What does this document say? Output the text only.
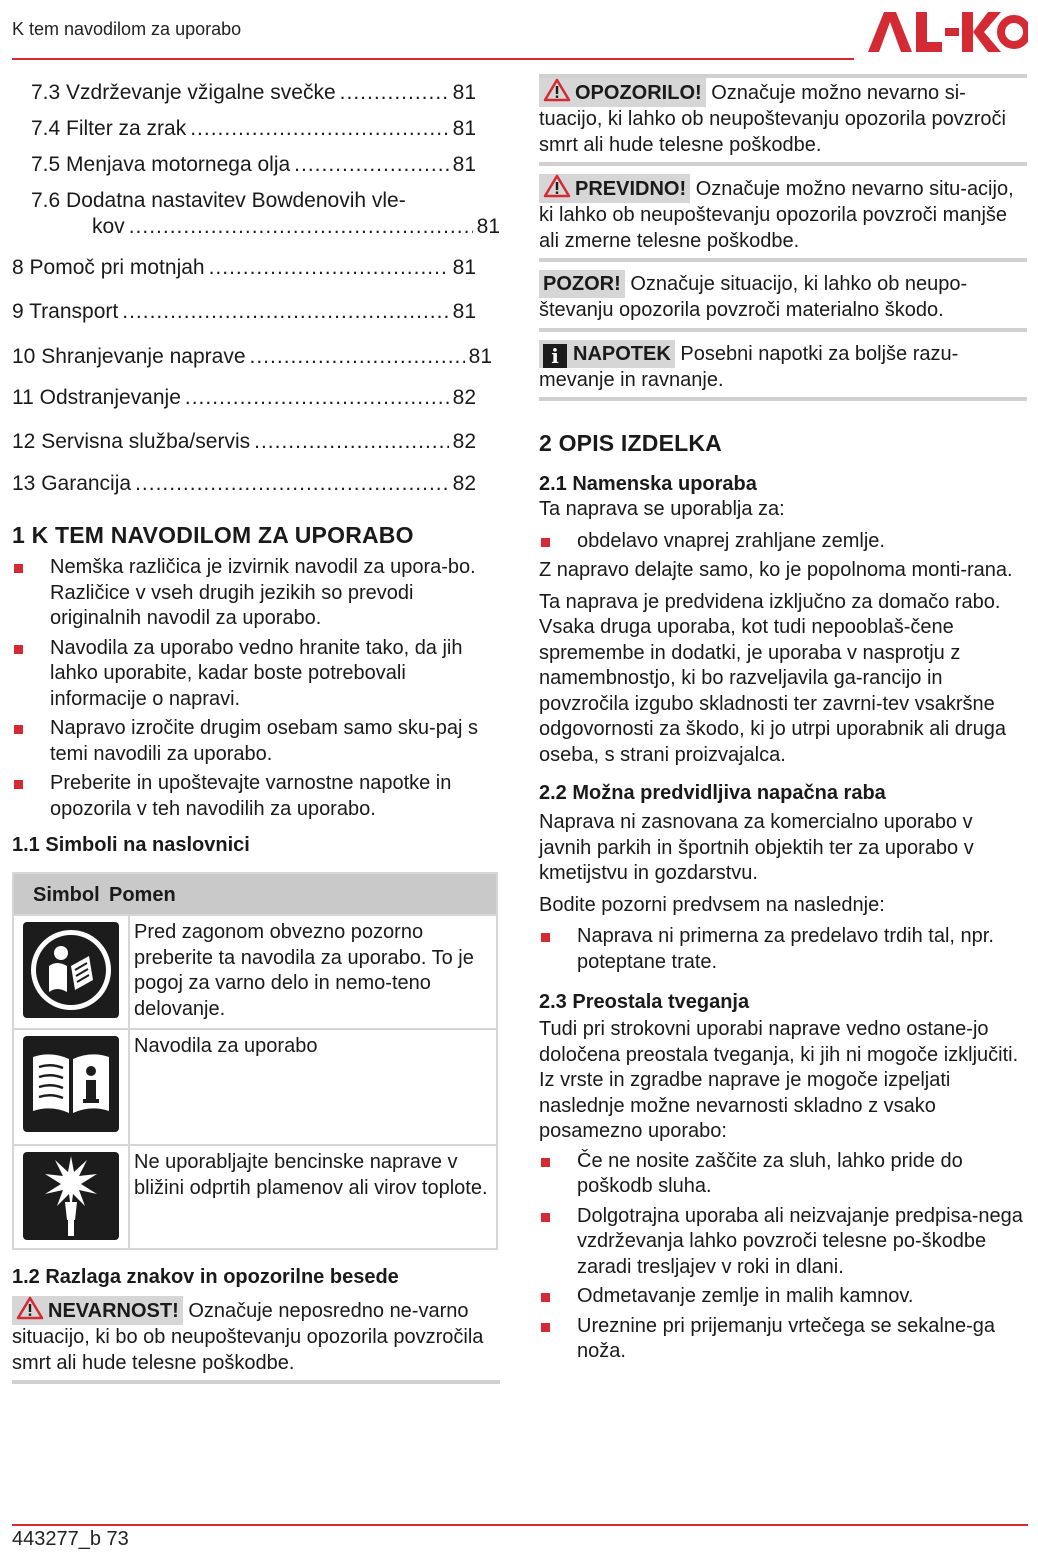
K tem navodilom za uporabo
7.3 Vzdrževanje vžigalne svečke .....	81
7.4 Filter za zrak .....	81
7.5 Menjava motornega olja .....	81
7.6 Dodatna nastavitev Bowdenovih vle-
kov .....	81
8 Pomoč pri motnjah .....	81
9 Transport .....	81
10 Shranjevanje naprave .....	81
11 Odstranjevanje .....	82
12 Servisna služba/servis .....	82
13 Garancija .....	82
1 K TEM NAVODILOM ZA UPORABO
Nemška različica je izvirnik navodil za upora-bo. Različice v vseh drugih jezikih so prevodi originalnih navodil za uporabo.
Navodila za uporabo vedno hranite tako, da jih lahko uporabite, kadar boste potrebovali informacije o napravi.
Napravo izročite drugim osebam samo sku-paj s temi navodili za uporabo.
Preberite in upoštevajte varnostne napotke in opozorila v teh navodilih za uporabo.
1.1 Simboli na naslovnici
Simbol Pomen
Pred zagonom obvezno pozorno preberite ta navodila za uporabo. To je pogoj za varno delo in nemo-teno delovanje.
Navodila za uporabo
Ne uporabljajte bencinske naprave v bližini odprtih plamenov ali virov toplote.
1.2 Razlaga znakov in opozorilne besede

NEVARNOST! Označuje neposredno ne-varno situacijo, ki bo ob neupoštevanju opozorila povzročila smrt ali hude telesne poškodbe.

OPOZORILO! Označuje možno nevarno si-tuacijo, ki lahko ob neupoštevanju opozorila povzroči smrt ali hude telesne poškodbe.

PREVIDNO! Označuje možno nevarno situ-acijo, ki lahko ob neupoštevanju opozorila povzroči manjše ali zmerne telesne poškodbe.

POZOR! Označuje situacijo, ki lahko ob neupo-števanju opozorila povzroči materialno škodo.

i NAPOTEK Posebni napotki za boljše razu-mevanje in ravnanje.

2 OPIS IZDELKA
2.1 Namenska uporaba

Ta naprava se uporablja za:

obdelavo vnaprej zrahljane zemlje.

Z napravo delajte samo, ko je popolnoma monti-rana.

Ta naprava je predvidena izključno za domačo rabo. Vsaka druga uporaba, kot tudi nepooblaš-čene spremembe in dodatki, je uporaba v nasprotju z namembnostjo, ki bo razveljavila ga-rancijo in povzročila izgubo skladnosti ter zavrni-tev vsakršne odgovornosti za škodo, ki jo utrpi uporabnik ali druga oseba, s strani proizvajalca.

2.2 Možna predvidljiva napačna raba

Naprava ni zasnovana za komercialno uporabo v javnih parkih in športnih objektih ter za uporabo v kmetijstvu in gozdarstvu.

Bodite pozorni predvsem na naslednje:

Naprava ni primerna za predelavo trdih tal, npr. poteptane trate.
2.3 Preostala tveganja

Tudi pri strokovni uporabi naprave vedno ostane-jo določena preostala tveganja, ki jih ni mogoče izključiti. Iz vrste in zgradbe naprave je mogoče izpeljati naslednje možne nevarnosti skladno z vsako posamezno uporabo:

Če ne nosite zaščite za sluh, lahko pride do poškodb sluha.
Dolgotrajna uporaba ali neizvajanje predpisa-nega vzdrževanja lahko povzroči telesne po-škodbe zaradi tresljajev v roki in dlani.
Odmetavanje zemlje in malih kamnov.
Ureznine pri prijemanju vrtečega se sekalne-ga noža.
443277_b 73
